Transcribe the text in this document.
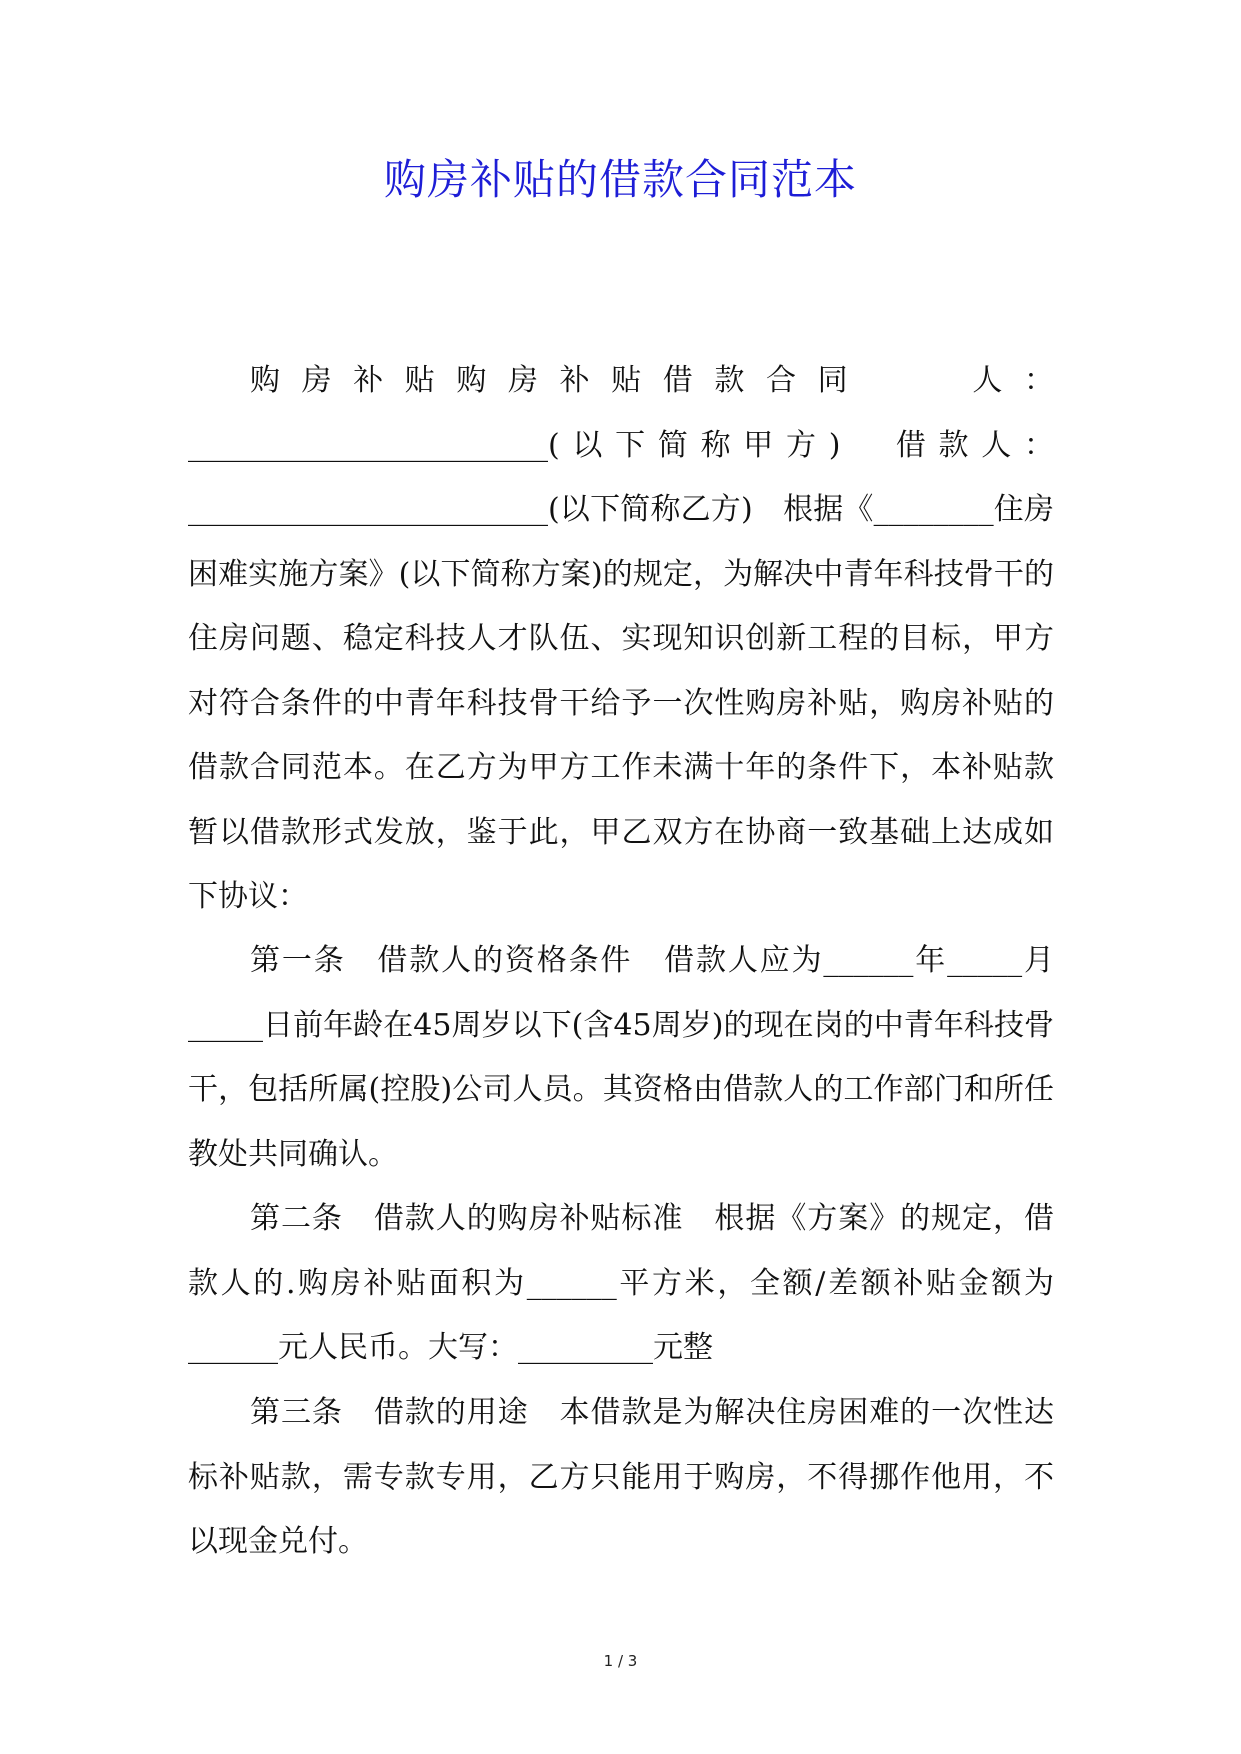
购房补贴的借款合同范本

购房补贴购房补贴借款合同　　人：________________________(以下简称甲方)　借款人：________________________(以下简称乙方)　根据《________住房困难实施方案》(以下简称方案)的规定，为解决中青年科技骨干的住房问题、稳定科技人才队伍、实现知识创新工程的目标，甲方对符合条件的中青年科技骨干给予一次性购房补贴，购房补贴的借款合同范本。在乙方为甲方工作未满十年的条件下，本补贴款暂以借款形式发放，鉴于此，甲乙双方在协商一致基础上达成如下协议：

第一条　借款人的资格条件　借款人应为______年_____月_____日前年龄在45周岁以下(含45周岁)的现在岗的中青年科技骨干，包括所属(控股)公司人员。其资格由借款人的工作部门和所任教处共同确认。

第二条　借款人的购房补贴标准　根据《方案》的规定，借款人的.购房补贴面积为______平方米，全额/差额补贴金额为______元人民币。大写：_________元整

第三条　借款的用途　本借款是为解决住房困难的一次性达标补贴款，需专款专用，乙方只能用于购房，不得挪作他用，不以现金兑付。

1 / 3
